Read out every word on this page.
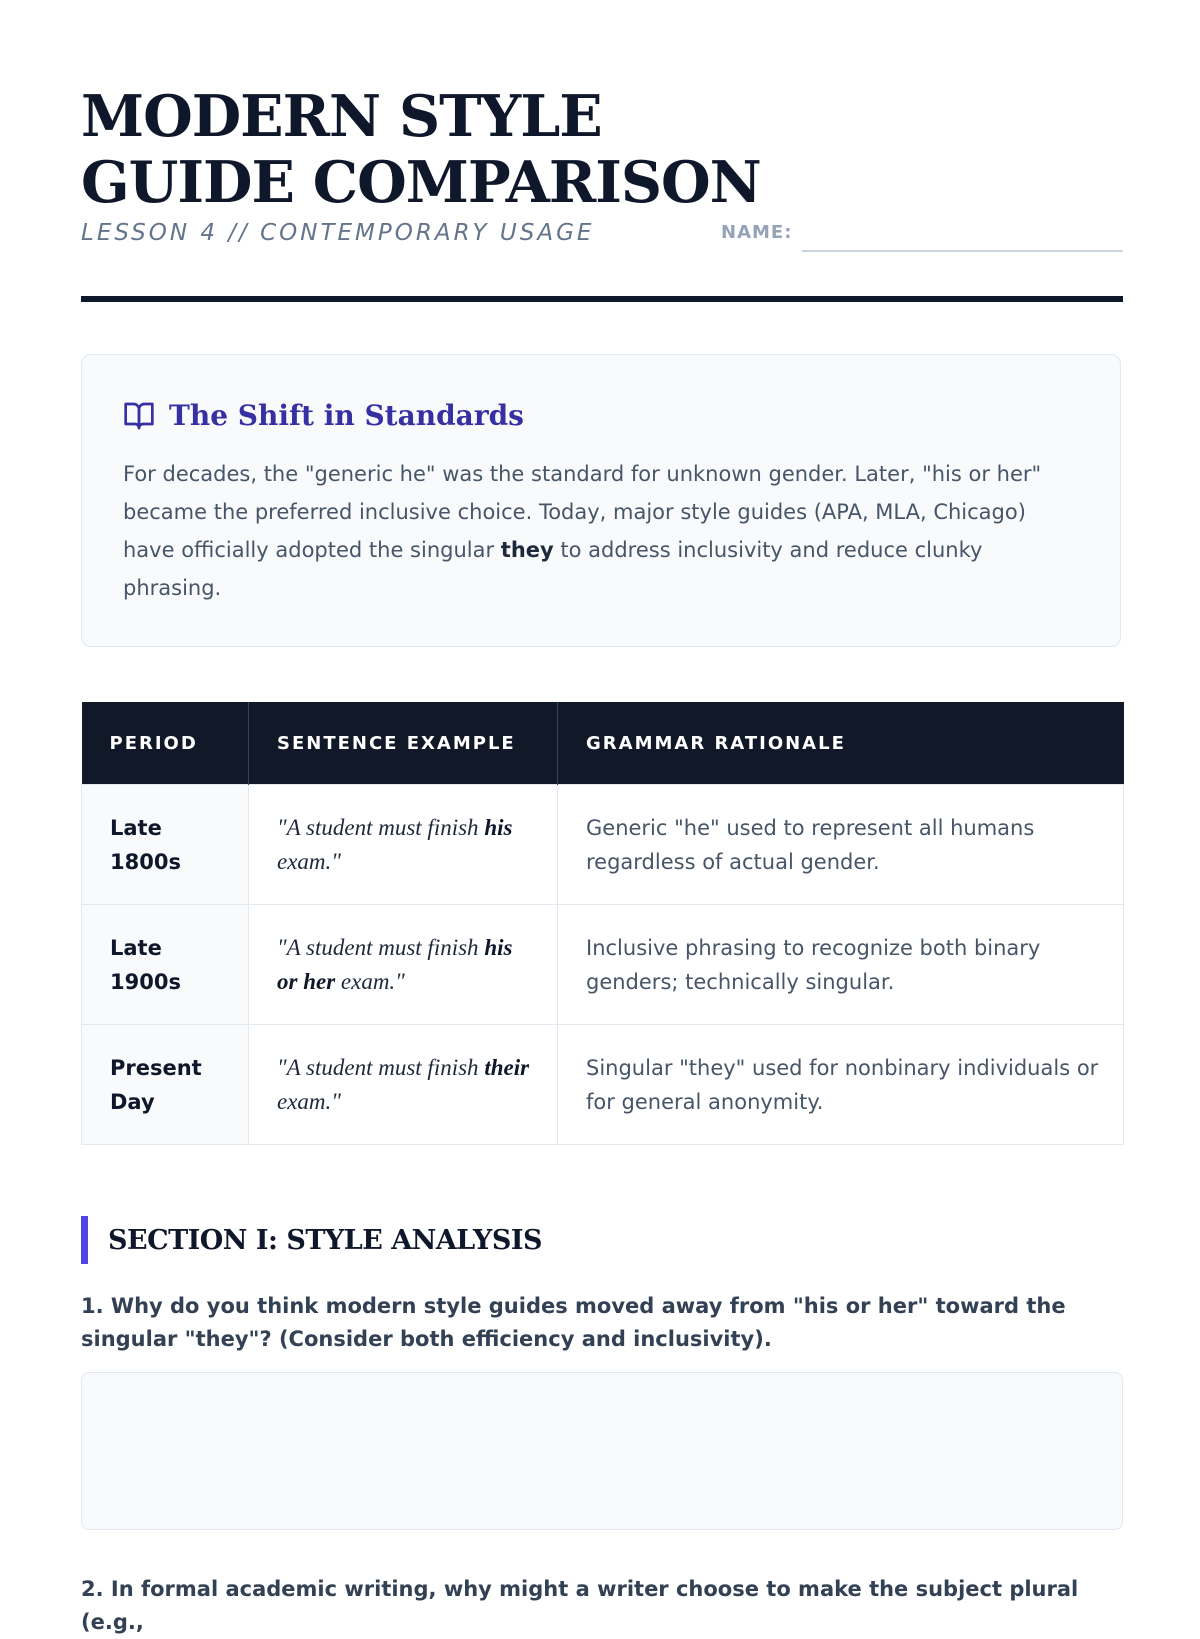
MODERN STYLE
GUIDE COMPARISON
LESSON 4 // CONTEMPORARY USAGE	NAME:
The Shift in Standards

For decades, the "generic he" was the standard for unknown gender. Later, "his or her" became the preferred inclusive choice. Today, major style guides (APA, MLA, Chicago) have officially adopted the singular they to address inclusivity and reduce clunky phrasing.

PERIOD	SENTENCE EXAMPLE	GRAMMAR RATIONALE
Late 1800s	"A student must finish his exam."	Generic "he" used to represent all humans regardless of actual gender.
Late 1900s	"A student must finish his or her exam."	Inclusive phrasing to recognize both binary genders; technically singular.
Present Day	"A student must finish their exam."	Singular "they" used for nonbinary individuals or for general anonymity.
SECTION I: STYLE ANALYSIS

1. Why do you think modern style guides moved away from "his or her" toward the singular "they"? (Consider both efficiency and inclusivity).

2. In formal academic writing, why might a writer choose to make the subject plural (e.g.,
